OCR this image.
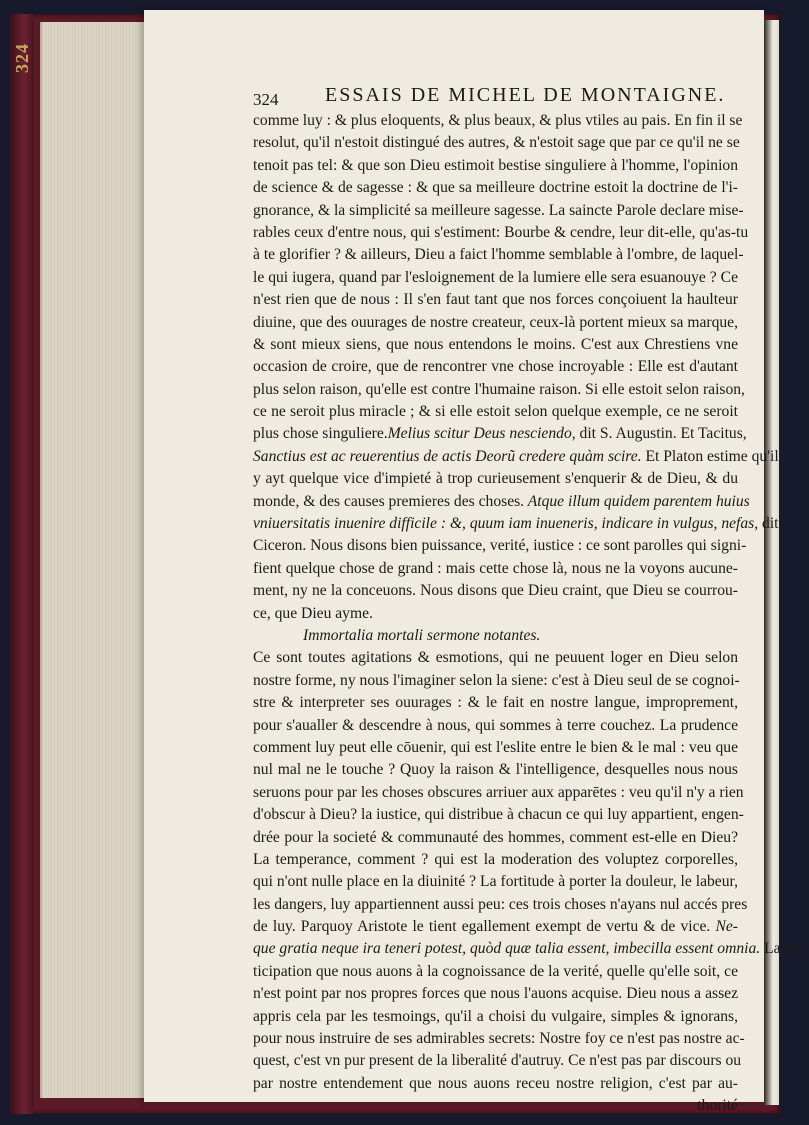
324
324 ESSAIS DE MICHEL DE MONTAIGNE.
comme luy : & plus eloquents, & plus beaux, & plus vtiles au pais. En fin il se
resolut, qu'il n'estoit distingué des autres, & n'estoit sage que par ce qu'il ne se
tenoit pas tel: & que son Dieu estimoit bestise singuliere à l'homme, l'opinion
de science & de sagesse : & que sa meilleure doctrine estoit la doctrine de l'i-
gnorance, & la simplicité sa meilleure sagesse. La saincte Parole declare mise-
rables ceux d'entre nous, qui s'estiment: Bourbe & cendre, leur dit-elle, qu'as-tu
à te glorifier ? & ailleurs, Dieu a faict l'homme semblable à l'ombre, de laquel-
le qui iugera, quand par l'esloignement de la lumiere elle sera esuanouye ? Ce
n'est rien que de nous : Il s'en faut tant que nos forces conçoiuent la haulteur
diuine, que des ouurages de nostre createur, ceux-là portent mieux sa marque,
& sont mieux siens, que nous entendons le moins. C'est aux Chrestiens vne
occasion de croire, que de rencontrer vne chose incroyable : Elle est d'autant
plus selon raison, qu'elle est contre l'humaine raison. Si elle estoit selon raison,
ce ne seroit plus miracle ; & si elle estoit selon quelque exemple, ce ne seroit
plus chose singuliere.Melius scitur Deus nesciendo, dit S. Augustin. Et Tacitus,
Sanctius est ac reuerentius de actis Deorũ credere quàm scire. Et Platon estime qu'il
y ayt quelque vice d'impieté à trop curieusement s'enquerir & de Dieu, & du
monde, & des causes premieres des choses. Atque illum quidem parentem huius
vniuersitatis inuenire difficile : &, quum iam inueneris, indicare in vulgus, nefas, dit
Ciceron. Nous disons bien puissance, verité, iustice : ce sont parolles qui signi-
fient quelque chose de grand : mais cette chose là, nous ne la voyons aucune-
ment, ny ne la conceuons. Nous disons que Dieu craint, que Dieu se courrou-
ce, que Dieu ayme.
Immortalia mortali sermone notantes.
Ce sont toutes agitations & esmotions, qui ne peuuent loger en Dieu selon
nostre forme, ny nous l'imaginer selon la siene: c'est à Dieu seul de se cognoi-
stre & interpreter ses ouurages : & le fait en nostre langue, improprement,
pour s'aualler & descendre à nous, qui sommes à terre couchez. La prudence
comment luy peut elle cōuenir, qui est l'eslite entre le bien & le mal : veu que
nul mal ne le touche ? Quoy la raison & l'intelligence, desquelles nous nous
seruons pour par les choses obscures arriuer aux apparētes : veu qu'il n'y a rien
d'obscur à Dieu? la iustice, qui distribue à chacun ce qui luy appartient, engen-
drée pour la societé & communauté des hommes, comment est-elle en Dieu?
La temperance, comment ? qui est la moderation des voluptez corporelles,
qui n'ont nulle place en la diuinité ? La fortitude à porter la douleur, le labeur,
les dangers, luy appartiennent aussi peu: ces trois choses n'ayans nul accés pres
de luy. Parquoy Aristote le tient egallement exempt de vertu & de vice. Ne-
que gratia neque ira teneri potest, quòd quæ talia essent, imbecilla essent omnia. La par-
ticipation que nous auons à la cognoissance de la verité, quelle qu'elle soit, ce
n'est point par nos propres forces que nous l'auons acquise. Dieu nous a assez
appris cela par les tesmoings, qu'il a choisi du vulgaire, simples & ignorans,
pour nous instruire de ses admirables secrets: Nostre foy ce n'est pas nostre ac-
quest, c'est vn pur present de la liberalité d'autruy. Ce n'est pas par discours ou
par nostre entendement que nous auons receu nostre religion, c'est par au-
thorité
